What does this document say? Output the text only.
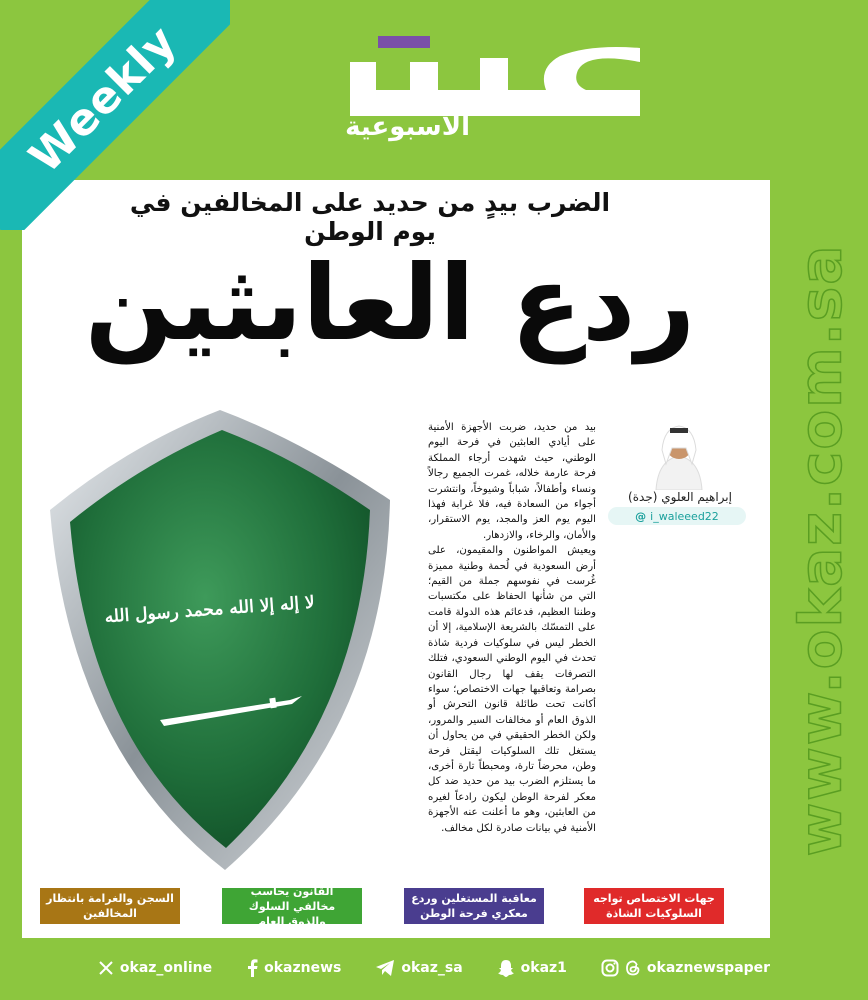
Weekly	الأسبوعية
www.okaz.com.sa
الضرب بيدٍ من حديد على المخالفين في يوم الوطن
ردع العابثين
لا إله إلا الله محمد رسول الله
إبراهيم العلوي (جدة)
@ i_waleeed22

بيد من حديد، ضربت الأجهزة الأمنية على أيادي العابثين في فرحة اليوم الوطني، حيث شهدت أرجاء المملكة فرحة عارمة خلاله، غمرت الجميع رجالاً ونساء وأطفالاً، شباباً وشيوخاً، وانتشرت أجواء من السعادة فيه، فلا غرابة فهذا اليوم يوم العز والمجد، يوم الاستقرار، والأمان، والرخاء، والازدهار.

ويعيش المواطنون والمقيمون، على أرض السعودية في لُحمة وطنية مميزة غُرست في نفوسهم جملة من القيم؛ التي من شأنها الحفاظ على مكتسبات وطننا العظيم، فدعائم هذه الدولة قامت على التمسّك بالشريعة الإسلامية، إلا أن الخطر ليس في سلوكيات فردية شاذة تحدث في اليوم الوطني السعودي، فتلك التصرفات يقف لها رجال القانون بصرامة وتعاقبها جهات الاختصاص؛ سواء أكانت تحت طائلة قانون التحرش أو الذوق العام أو مخالفات السير والمرور، ولكن الخطر الحقيقي في من يحاول أن يستغل تلك السلوكيات ليقتل فرحة وطن، محرضاً تارة، ومحبطاً تارة أخرى، ما يستلزم الضرب بيد من حديد ضد كل معكر لفرحة الوطن ليكون رادعاً لغيره من العابثين، وهو ما أعلنت عنه الأجهزة الأمنية في بيانات صادرة لكل مخالف.

جهات الاختصاص تواجه السلوكيات الشاذة
معاقبة المستغلين وردع معكري فرحة الوطن
القانون يحاسب مخالفي السلوك والذوق العام
السجن والغرامة بانتظار المخالفين
okaz_online	okaznews	okaz_sa	okaz1	okaznewspaper
